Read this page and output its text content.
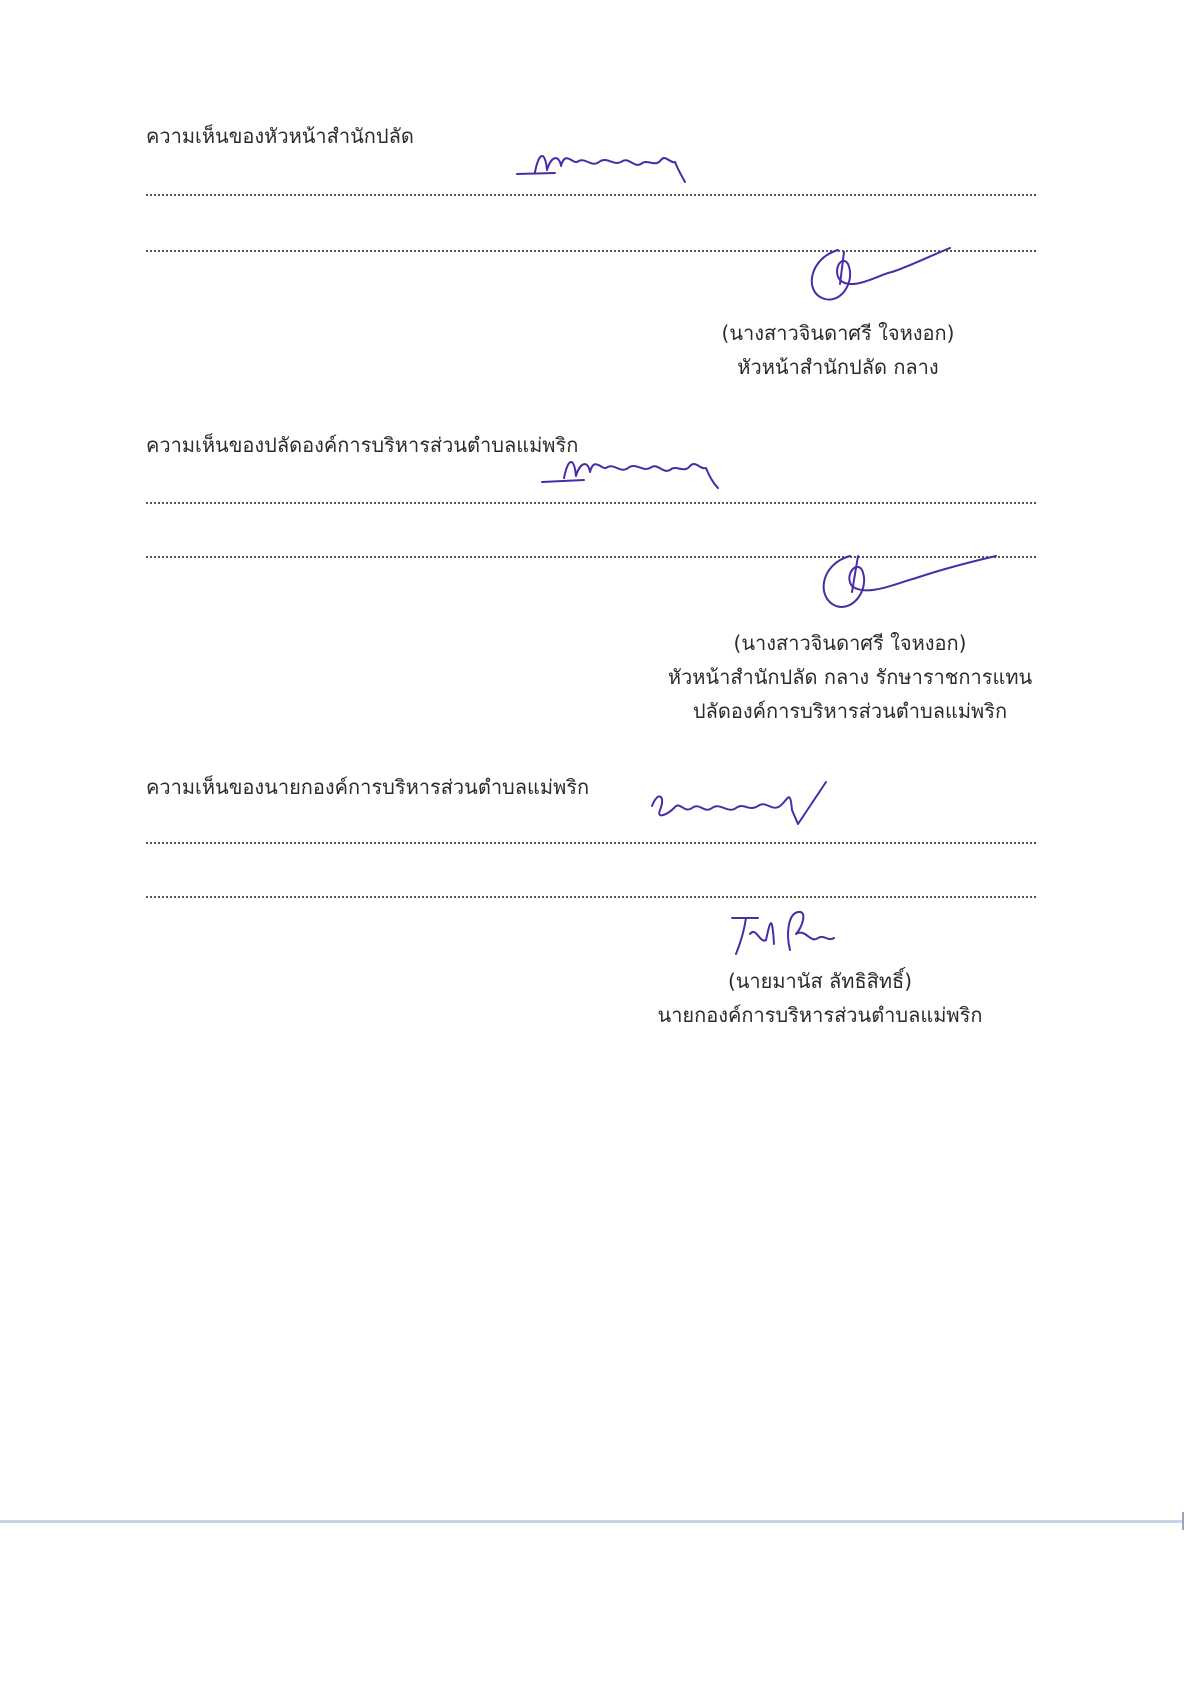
ความเห็นของหัวหน้าสำนักปลัด
(นางสาวจินดาศรี ใจหงอก)
หัวหน้าสำนักปลัด กลาง
ความเห็นของปลัดองค์การบริหารส่วนตำบลแม่พริก
(นางสาวจินดาศรี ใจหงอก)
หัวหน้าสำนักปลัด กลาง รักษาราชการแทน
ปลัดองค์การบริหารส่วนตำบลแม่พริก
ความเห็นของนายกองค์การบริหารส่วนตำบลแม่พริก
(นายมานัส ลัทธิสิทธิ์)
นายกองค์การบริหารส่วนตำบลแม่พริก
